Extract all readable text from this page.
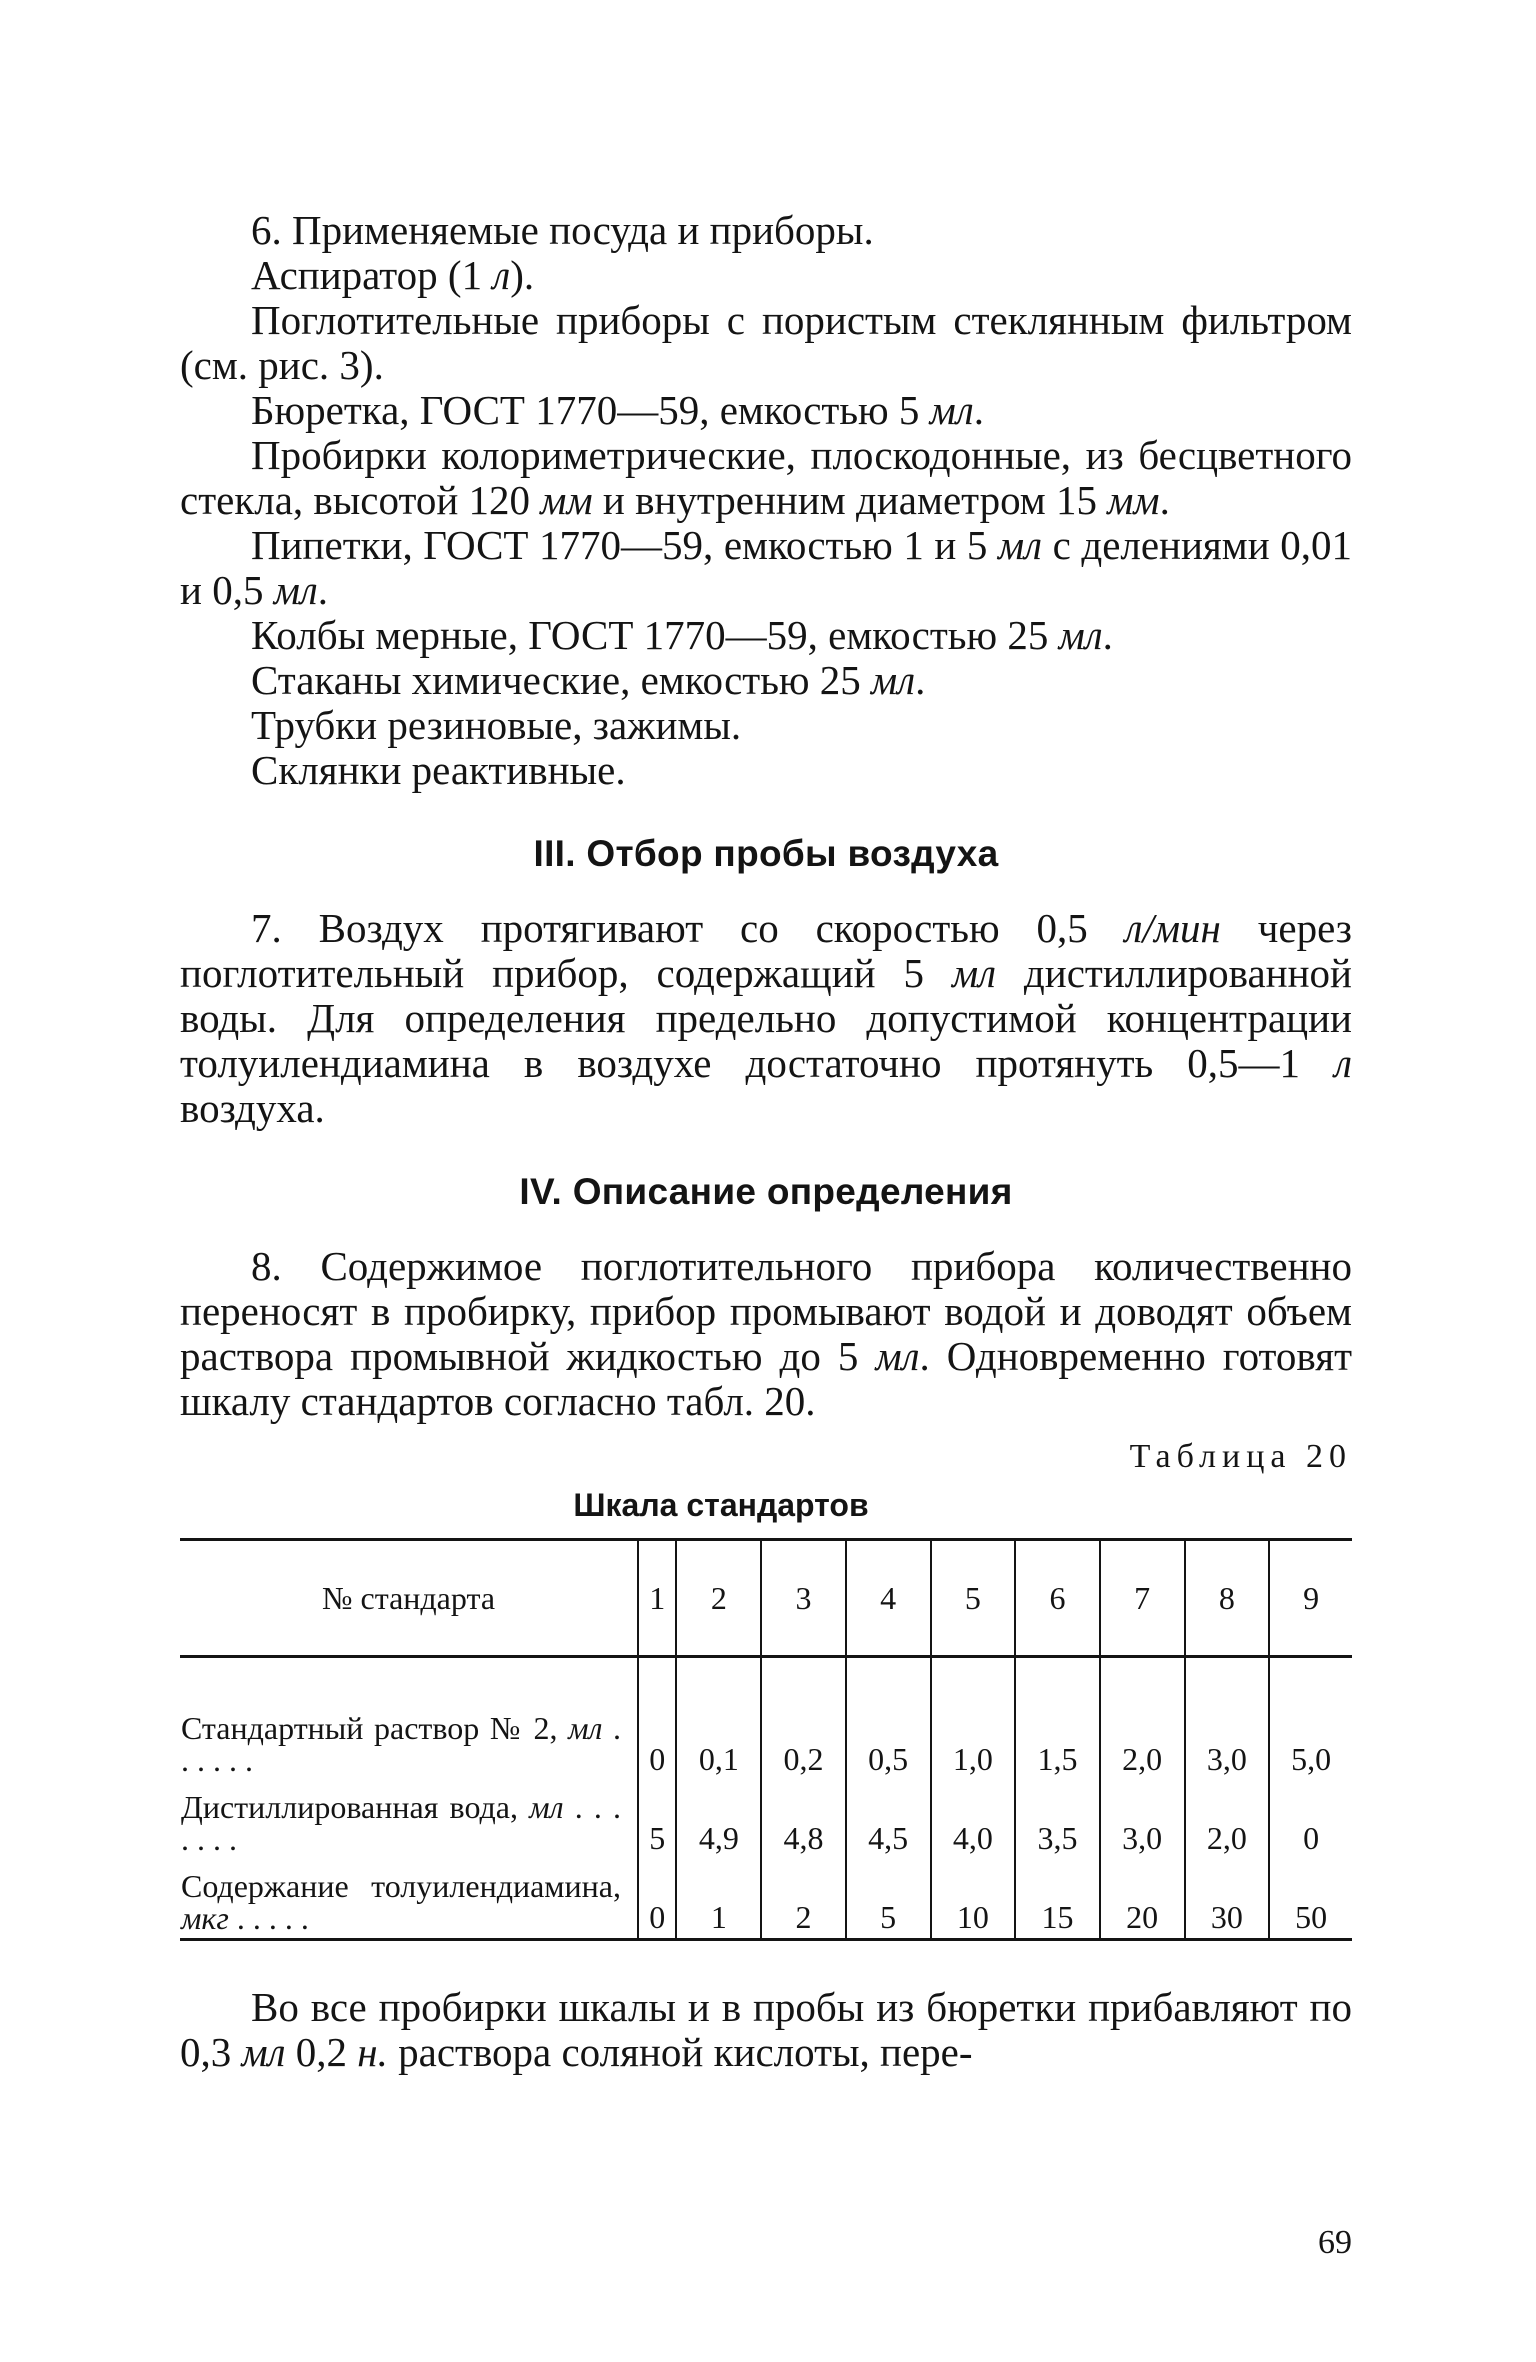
6. Применяемые посуда и приборы.

Аспиратор (1 л).

Поглотительные приборы с пористым стеклянным фильтром (см. рис. 3).

Бюретка, ГОСТ 1770—59, емкостью 5 мл.

Пробирки колориметрические, плоскодонные, из бесцветного стекла, высотой 120 мм и внутренним диаметром 15 мм.

Пипетки, ГОСТ 1770—59, емкостью 1 и 5 мл с делениями 0,01 и 0,5 мл.

Колбы мерные, ГОСТ 1770—59, емкостью 25 мл.

Стаканы химические, емкостью 25 мл.

Трубки резиновые, зажимы.

Склянки реактивные.

III. Отбор пробы воздуха

7. Воздух протягивают со скоростью 0,5 л/мин через поглотительный прибор, содержащий 5 мл дистиллированной воды. Для определения предельно допустимой концентрации толуилендиамина в воздухе достаточно протянуть 0,5—1 л воздуха.

IV. Описание определения

8. Содержимое поглотительного прибора количественно переносят в пробирку, прибор промывают водой и доводят объем раствора промывной жидкостью до 5 мл. Одновременно готовят шкалу стандартов согласно табл. 20.

Таблица 20
Шкала стандартов
№ стандарта	1	2	3	4	5	6	7	8	9

Стандартный раствор № 2, мл . . . . . .	0	0,1	0,2	0,5	1,0	1,5	2,0	3,0	5,0

Дистиллированная вода, мл . . . . . . .	5	4,9	4,8	4,5	4,0	3,5	3,0	2,0	0

Содержание толуилендиамина, мкг . . . . .	0	1	2	5	10	15	20	30	50

Во все пробирки шкалы и в пробы из бюретки прибавляют по 0,3 мл 0,2 н. раствора соляной кислоты, пере-

69
